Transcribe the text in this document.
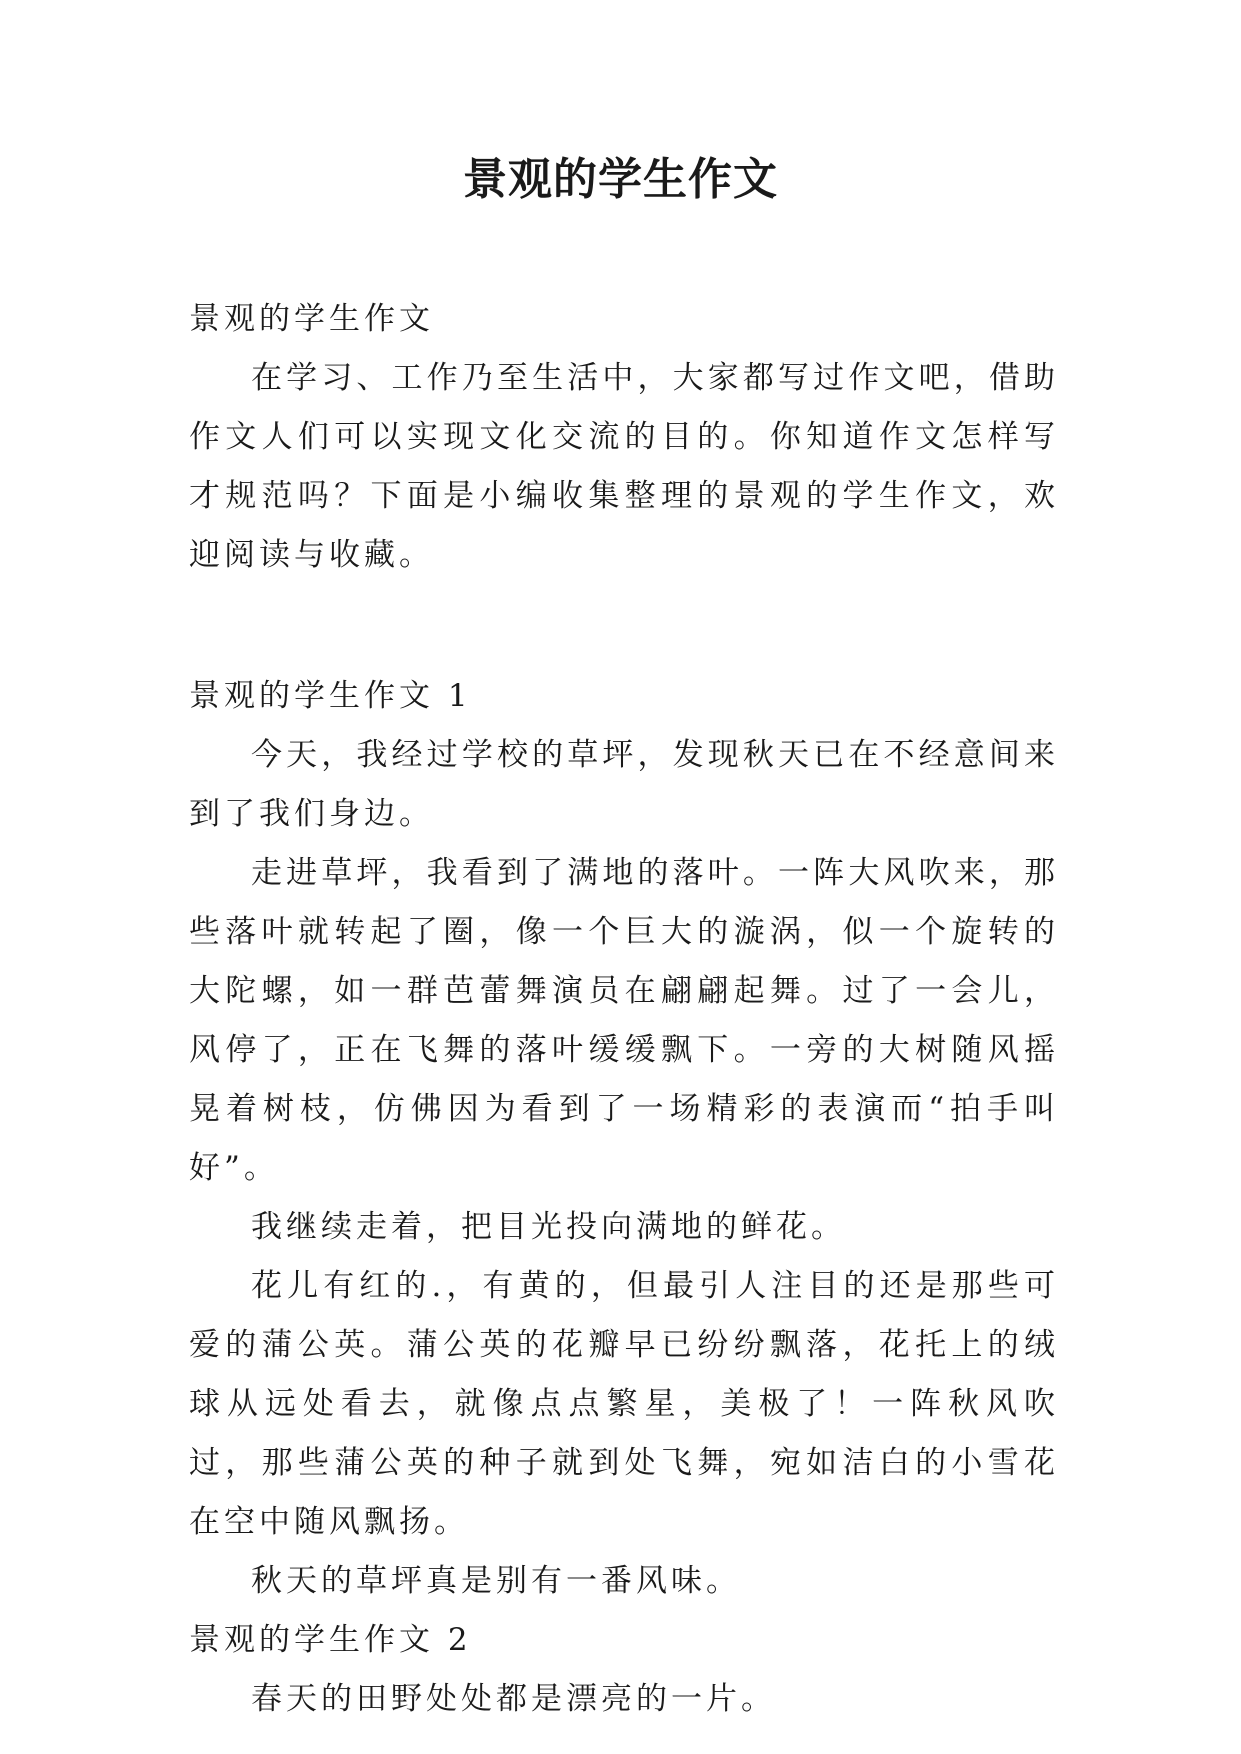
景观的学生作文

景观的学生作文

在学习、工作乃至生活中，大家都写过作文吧，借助作文人们可以实现文化交流的目的。你知道作文怎样写才规范吗？下面是小编收集整理的景观的学生作文，欢迎阅读与收藏。

景观的学生作文 1

今天，我经过学校的草坪，发现秋天已在不经意间来到了我们身边。

走进草坪，我看到了满地的落叶。一阵大风吹来，那些落叶就转起了圈，像一个巨大的漩涡，似一个旋转的大陀螺，如一群芭蕾舞演员在翩翩起舞。过了一会儿，风停了，正在飞舞的落叶缓缓飘下。一旁的大树随风摇晃着树枝，仿佛因为看到了一场精彩的表演而“拍手叫好”。

我继续走着，把目光投向满地的鲜花。

花儿有红的.，有黄的，但最引人注目的还是那些可爱的蒲公英。蒲公英的花瓣早已纷纷飘落，花托上的绒球从远处看去，就像点点繁星，美极了！一阵秋风吹过，那些蒲公英的种子就到处飞舞，宛如洁白的小雪花在空中随风飘扬。

秋天的草坪真是别有一番风味。

景观的学生作文 2

春天的田野处处都是漂亮的一片。
